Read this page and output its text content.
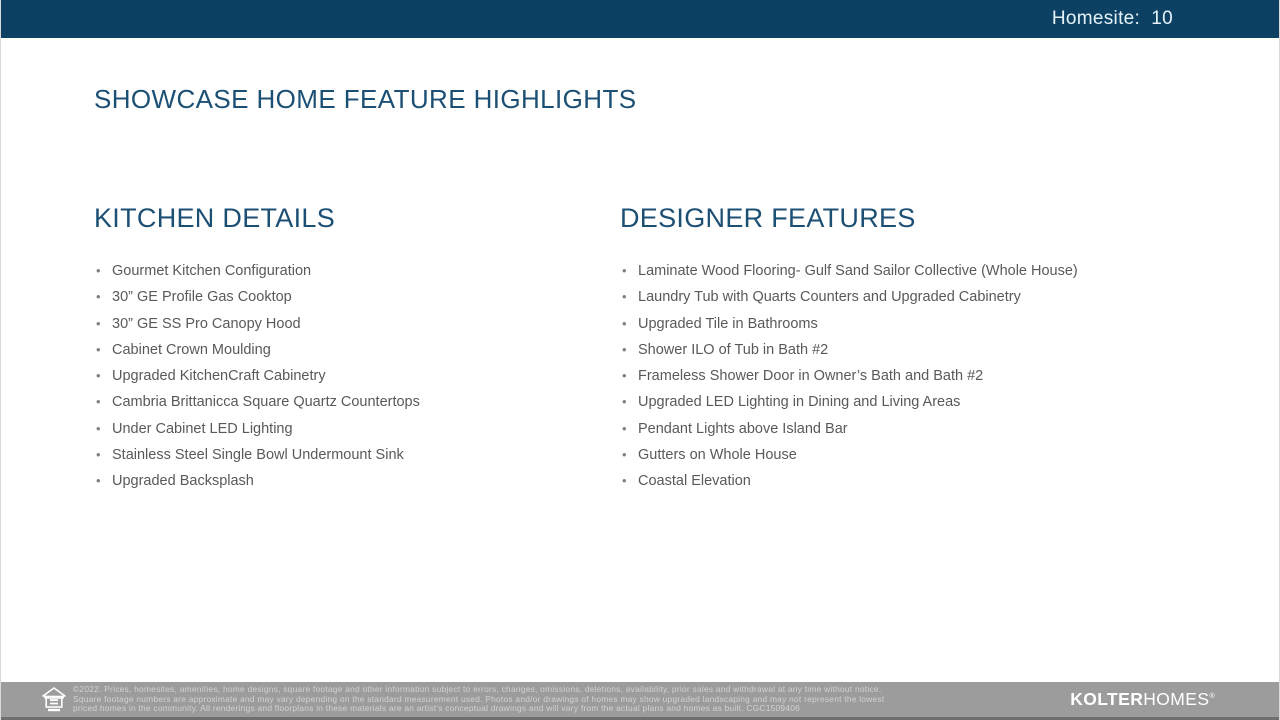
Homesite:  10
SHOWCASE HOME FEATURE HIGHLIGHTS
KITCHEN DETAILS
• Gourmet Kitchen Configuration
• 30” GE Profile Gas Cooktop
• 30” GE SS Pro Canopy Hood
• Cabinet Crown Moulding
• Upgraded KitchenCraft Cabinetry
• Cambria Brittanicca Square Quartz Countertops
• Under Cabinet LED Lighting
• Stainless Steel Single Bowl Undermount Sink
• Upgraded Backsplash
DESIGNER FEATURES
• Laminate Wood Flooring- Gulf Sand Sailor Collective (Whole House)
• Laundry Tub with Quarts Counters and Upgraded Cabinetry
• Upgraded Tile in Bathrooms
• Shower ILO of Tub in Bath #2
• Frameless Shower Door in Owner’s Bath and Bath #2
• Upgraded LED Lighting in Dining and Living Areas
• Pendant Lights above Island Bar
• Gutters on Whole House
• Coastal Elevation
©2022. Prices, homesites, amenities, home designs, square footage and other information subject to errors, changes, omissions, deletions, availability, prior sales and withdrawal at any time without notice.
Square footage numbers are approximate and may vary depending on the standard measurement used. Photos and/or drawings of homes may show upgraded landscaping and may not represent the lowest
priced homes in the community. All renderings and floorplans in these materials are an artist's conceptual drawings and will vary from the actual plans and homes as built. CGC1509406	KOLTERHOMES®
